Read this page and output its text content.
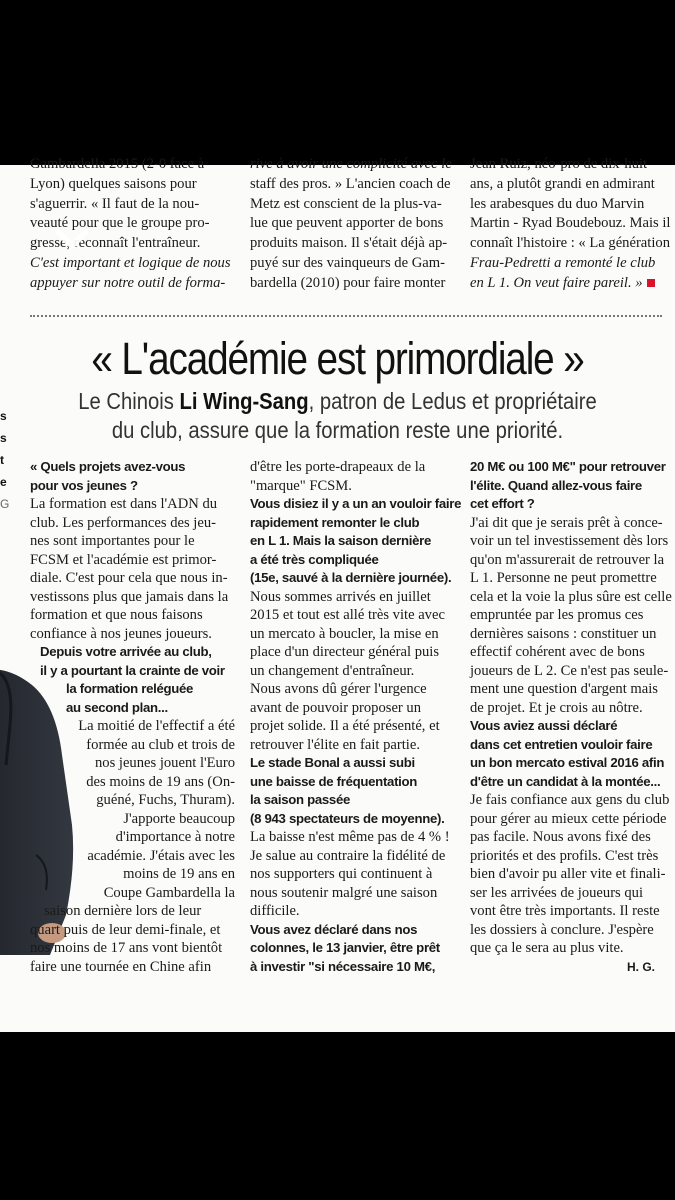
Gambardella 2015 (2-0 face à
Lyon) quelques saisons pour
s'aguerrir. « Il faut de la nou-
veauté pour que le groupe pro-
gresse, reconnaît l'entraîneur.
C'est important et logique de nous
appuyer sur notre outil de forma-
rive à avoir une complicité avec le
staff des pros. » L'ancien coach de
Metz est conscient de la plus-va-
lue que peuvent apporter de bons
produits maison. Il s'était déjà ap-
puyé sur des vainqueurs de Gam-
bardella (2010) pour faire monter
Jean Ruiz, néo-pro de dix-huit
ans, a plutôt grandi en admirant
les arabesques du duo Marvin
Martin - Ryad Boudebouz. Mais il
connaît l'histoire : « La génération
Frau-Pedretti a remonté le club
en L 1. On veut faire pareil. »
« L'académie est primordiale »
Le Chinois Li Wing-Sang, patron de Ledus et propriétaire
du club, assure que la formation reste une priorité.
s
s
t
e
G
« Quels projets avez-vous
pour vos jeunes ?
La formation est dans l'ADN du
club. Les performances des jeu-
nes sont importantes pour le
FCSM et l'académie est primor-
diale. C'est pour cela que nous in-
vestissons plus que jamais dans la
formation et que nous faisons
confiance à nos jeunes joueurs.
Depuis votre arrivée au club,
il y a pourtant la crainte de voir
la formation reléguée
au second plan...
La moitié de l'effectif a été
formée au club et trois de
nos jeunes jouent l'Euro
des moins de 19 ans (On-
guéné, Fuchs, Thuram).
J'apporte beaucoup
d'importance à notre
académie. J'étais avec les
moins de 19 ans en
Coupe Gambardella la
saison dernière lors de leur
quart puis de leur demi-finale, et
nos moins de 17 ans vont bientôt
faire une tournée en Chine afin
d'être les porte-drapeaux de la
"marque" FCSM.
Vous disiez il y a un an vouloir faire
rapidement remonter le club
en L 1. Mais la saison dernière
a été très compliquée
(15e, sauvé à la dernière journée).
Nous sommes arrivés en juillet
2015 et tout est allé très vite avec
un mercato à boucler, la mise en
place d'un directeur général puis
un changement d'entraîneur.
Nous avons dû gérer l'urgence
avant de pouvoir proposer un
projet solide. Il a été présenté, et
retrouver l'élite en fait partie.
Le stade Bonal a aussi subi
une baisse de fréquentation
la saison passée
(8 943 spectateurs de moyenne).
La baisse n'est même pas de 4 % !
Je salue au contraire la fidélité de
nos supporters qui continuent à
nous soutenir malgré une saison
difficile.
Vous avez déclaré dans nos
colonnes, le 13 janvier, être prêt
à investir "si nécessaire 10 M€,
20 M€ ou 100 M€" pour retrouver
l'élite. Quand allez-vous faire
cet effort ?
J'ai dit que je serais prêt à conce-
voir un tel investissement dès lors
qu'on m'assurerait de retrouver la
L 1. Personne ne peut promettre
cela et la voie la plus sûre est celle
empruntée par les promus ces
dernières saisons : constituer un
effectif cohérent avec de bons
joueurs de L 2. Ce n'est pas seule-
ment une question d'argent mais
de projet. Et je crois au nôtre.
Vous aviez aussi déclaré
dans cet entretien vouloir faire
un bon mercato estival 2016 afin
d'être un candidat à la montée...
Je fais confiance aux gens du club
pour gérer au mieux cette période
pas facile. Nous avons fixé des
priorités et des profils. C'est très
bien d'avoir pu aller vite et finali-
ser les arrivées de joueurs qui
vont être très importants. Il reste
les dossiers à conclure. J'espère
que ça le sera au plus vite.
H. G.
